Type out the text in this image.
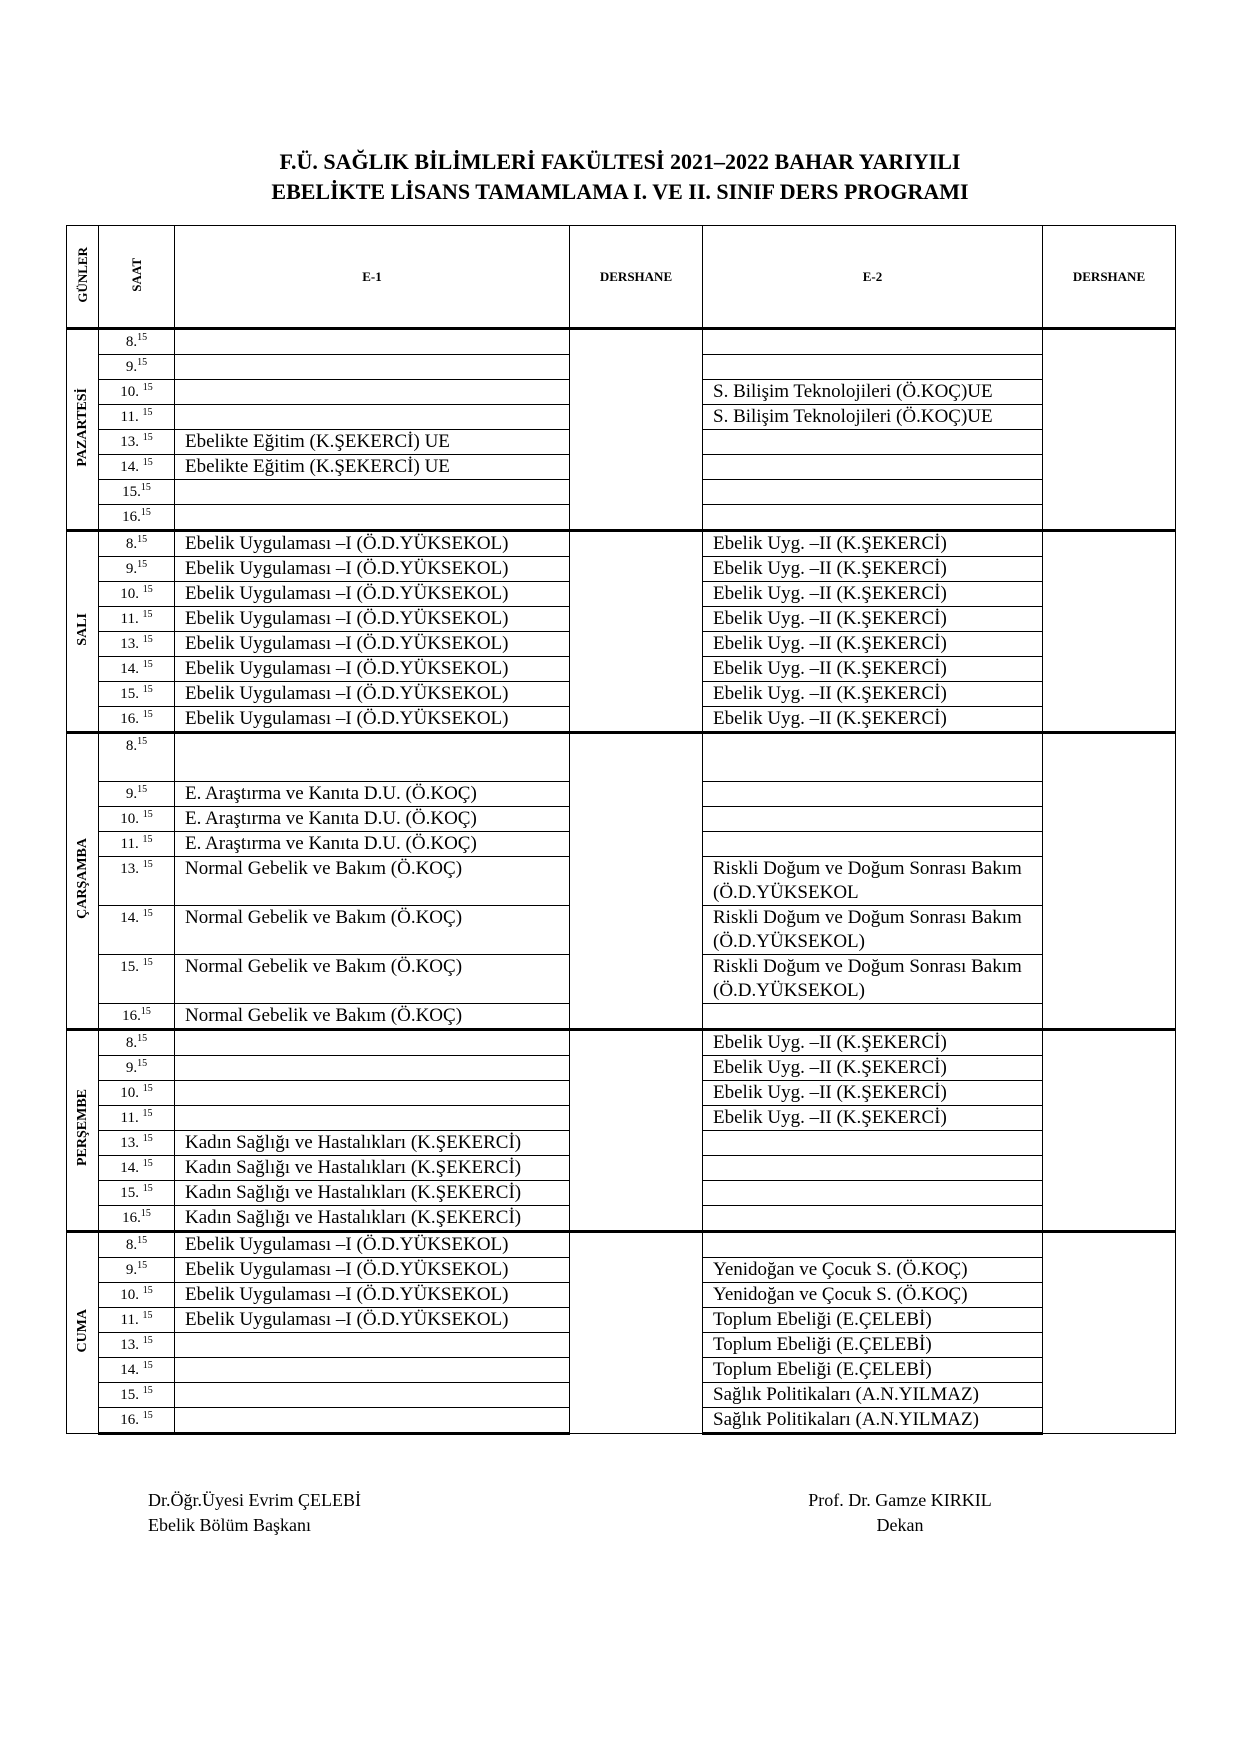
F.Ü. SAĞLIK BİLİMLERİ FAKÜLTESİ 2021–2022 BAHAR YARIYILI
EBELİKTE LİSANS TAMAMLAMA I. VE II. SINIF DERS PROGRAMI
GÜNLER	SAAT	E-1	DERSHANE	E-2	DERSHANE
PAZARTESİ	8.15				
	9.15		
	10. $^{15}$			S. Bilişim Teknolojileri (Ö.KOÇ)UE	
	11. $^{15}$			S. Bilişim Teknolojileri (Ö.KOÇ)UE	
	13. $^{15}$	Ebelikte Eğitim (K.ŞEKERCİ) UE			
	14. $^{15}$	Ebelikte Eğitim (K.ŞEKERCİ) UE			
	15.15		
	16.15		
SALI	8.15	Ebelik Uygulaması –I (Ö.D.YÜKSEKOL)		Ebelik Uyg. –II (K.ŞEKERCİ)	
	9.15	Ebelik Uygulaması –I (Ö.D.YÜKSEKOL)		Ebelik Uyg. –II (K.ŞEKERCİ)	
	10. $^{15}$	Ebelik Uygulaması –I (Ö.D.YÜKSEKOL)		Ebelik Uyg. –II (K.ŞEKERCİ)	
	11. $^{15}$	Ebelik Uygulaması –I (Ö.D.YÜKSEKOL)		Ebelik Uyg. –II (K.ŞEKERCİ)	
	13. $^{15}$	Ebelik Uygulaması –I (Ö.D.YÜKSEKOL)		Ebelik Uyg. –II (K.ŞEKERCİ)	
	14. $^{15}$	Ebelik Uygulaması –I (Ö.D.YÜKSEKOL)		Ebelik Uyg. –II (K.ŞEKERCİ)	
	15. $^{15}$	Ebelik Uygulaması –I (Ö.D.YÜKSEKOL)		Ebelik Uyg. –II (K.ŞEKERCİ)	
	16. $^{15}$	Ebelik Uygulaması –I (Ö.D.YÜKSEKOL)		Ebelik Uyg. –II (K.ŞEKERCİ)	
ÇARŞAMBA	8.15				
	9.15	E. Araştırma ve Kanıta D.U. (Ö.KOÇ)			
	10. $^{15}$	E. Araştırma ve Kanıta D.U. (Ö.KOÇ)			
	11. $^{15}$	E. Araştırma ve Kanıta D.U. (Ö.KOÇ)			
	13. $^{15}$	Normal Gebelik ve Bakım (Ö.KOÇ)		Riskli Doğum ve Doğum Sonrası Bakım (Ö.D.YÜKSEKOL	
	14. $^{15}$	Normal Gebelik ve Bakım (Ö.KOÇ)		Riskli Doğum ve Doğum Sonrası Bakım (Ö.D.YÜKSEKOL)	
	15. $^{15}$	Normal Gebelik ve Bakım (Ö.KOÇ)		Riskli Doğum ve Doğum Sonrası Bakım (Ö.D.YÜKSEKOL)	
	16.15	Normal Gebelik ve Bakım (Ö.KOÇ)			
PERŞEMBE	8.15			Ebelik Uyg. –II (K.ŞEKERCİ)	
	9.15			Ebelik Uyg. –II (K.ŞEKERCİ)	
	10. $^{15}$			Ebelik Uyg. –II (K.ŞEKERCİ)	
	11. $^{15}$			Ebelik Uyg. –II (K.ŞEKERCİ)	
	13. $^{15}$	Kadın Sağlığı ve Hastalıkları (K.ŞEKERCİ)			
	14. $^{15}$	Kadın Sağlığı ve Hastalıkları (K.ŞEKERCİ)			
	15. $^{15}$	Kadın Sağlığı ve Hastalıkları (K.ŞEKERCİ)			
	16.15	Kadın Sağlığı ve Hastalıkları (K.ŞEKERCİ)			
CUMA	8.15	Ebelik Uygulaması –I (Ö.D.YÜKSEKOL)			
	9.15	Ebelik Uygulaması –I (Ö.D.YÜKSEKOL)		Yenidoğan ve Çocuk S. (Ö.KOÇ)	
	10. $^{15}$	Ebelik Uygulaması –I (Ö.D.YÜKSEKOL)		Yenidoğan ve Çocuk S. (Ö.KOÇ)	
	11. $^{15}$	Ebelik Uygulaması –I (Ö.D.YÜKSEKOL)		Toplum Ebeliği (E.ÇELEBİ)	
	13. $^{15}$			Toplum Ebeliği (E.ÇELEBİ)	
	14. $^{15}$			Toplum Ebeliği (E.ÇELEBİ)	
	15. $^{15}$			Sağlık Politikaları (A.N.YILMAZ)	
	16. $^{15}$			Sağlık Politikaları (A.N.YILMAZ)	
Dr.Öğr.Üyesi Evrim ÇELEBİ
Ebelik Bölüm Başkanı
Prof. Dr. Gamze KIRKIL
Dekan
